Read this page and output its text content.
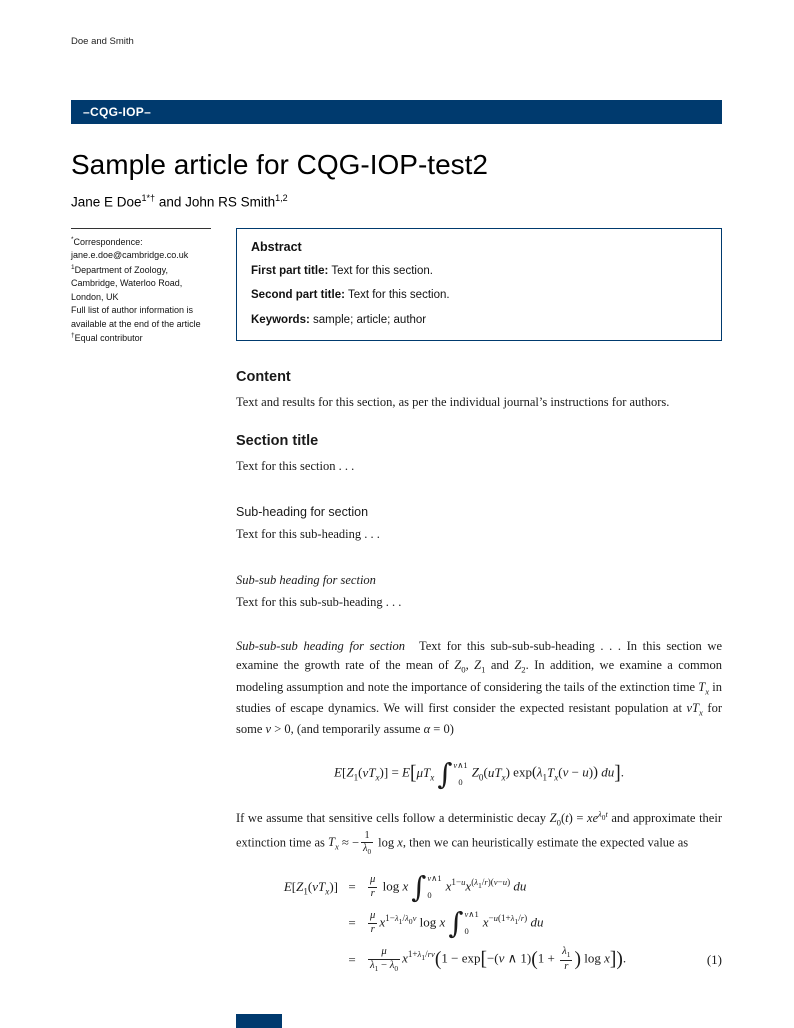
Doe and Smith
–CQG-IOP–
Sample article for CQG-IOP-test2
Jane E Doe$^{1*\dagger}$ and John RS Smith$^{1,2}$
*Correspondence:
jane.e.doe@cambridge.co.uk
$^1$Department of Zoology,
Cambridge, Waterloo Road,
London, UK
Full list of author information is
available at the end of the article
†Equal contributor
Abstract

First part title: Text for this section.

Second part title: Text for this section.

Keywords: sample; article; author

Content

Text and results for this section, as per the individual journal’s instructions for authors.

Section title

Text for this section . . .

Sub-heading for section

Text for this sub-heading . . .

Sub-sub heading for section

Text for this sub-sub-heading . . .

Sub-sub-sub heading for section Text for this sub-sub-sub-heading . . . In this section we examine the growth rate of the mean of $Z_0$, $Z_1$ and $Z_2$. In addition, we examine a common modeling assumption and note the importance of considering the tails of the extinction time $T_x$ in studies of escape dynamics. We will first consider the expected resistant population at $vT_x$ for some v > 0, (and temporarily assume α = 0)

$E[Z_1(vT_x)] = E[\mu T_x$ ∫ v∧1
0
$Z_0(uT_x) \exp(\lambda_1T_x(v - u))$ du].

If we assume that sensitive cells follow a deterministic decay $Z_0(t) = xe^{\lambda_0t}$ and approximate their extinction time as $T_x$ ≈ − $\frac{1}{\lambda_0}$ log x, then we can heuristically estimate the expected value as

$E[Z_1(vT_x)]$ =	$\frac{\mu}{r}$ log x ∫ v∧1
0
$x^{1-u}x^{(\lambda_1/r)(v-u)}$ du
=	$\frac{\mu}{r} x^{1-\lambda_1/\lambda_0v}$ log x ∫ v∧1
0
$x^{-u(1+\lambda_1/r)}$ du
=	$\frac{\mu}{\lambda_1 - \lambda_0} x^{1+\lambda_1/rv}(1 - \exp[-(v$ ∧ $1)(1 + \frac{\lambda_1}{r}$ ) log x]).	(1)
